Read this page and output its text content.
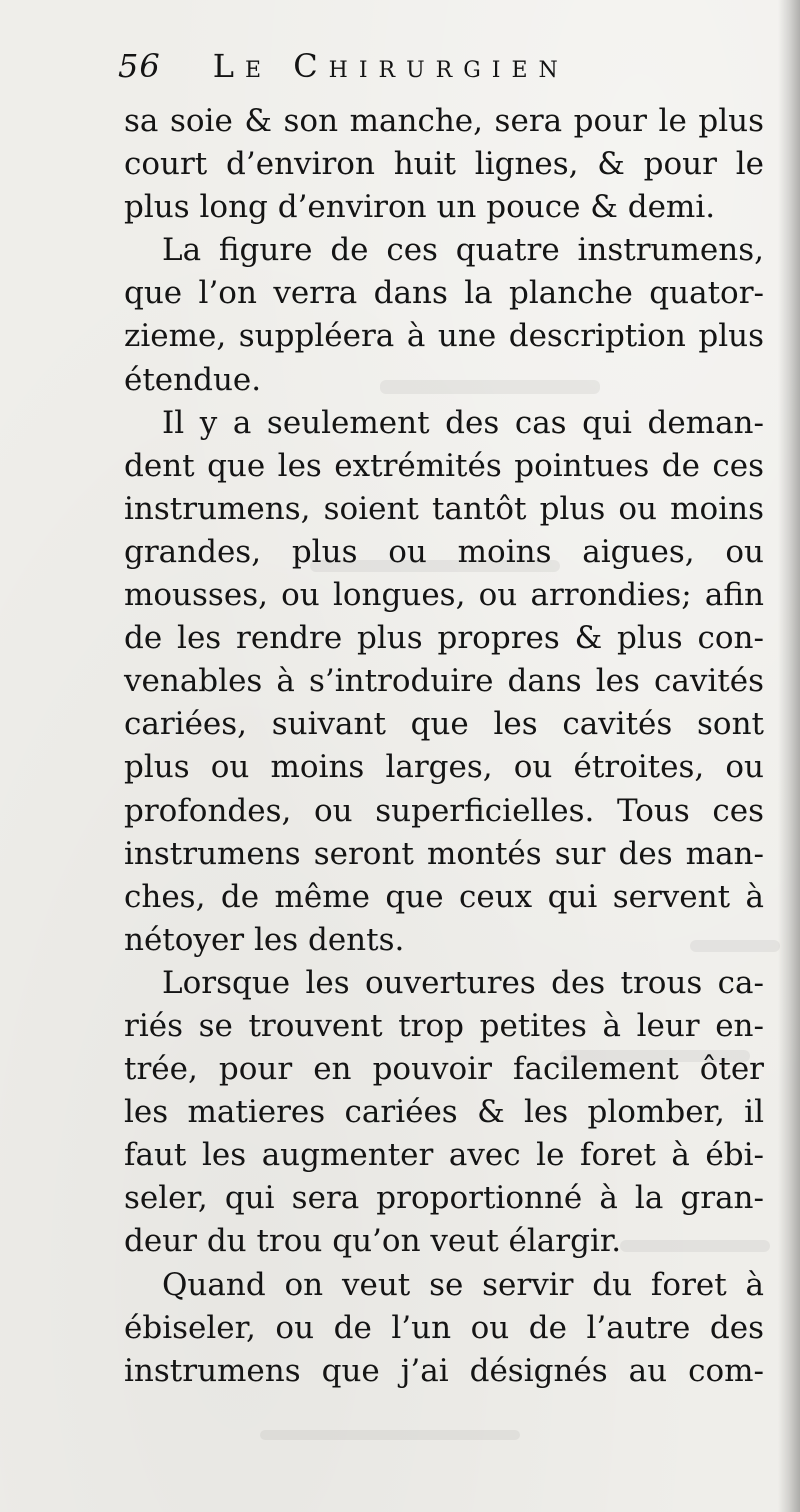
56 Le Chirurgien
sa soie & son manche, sera pour le plus
court d’environ huit lignes, & pour le
plus long d’environ un pouce & demi.
La figure de ces quatre instrumens,
que l’on verra dans la planche quator-
zieme, suppléera à une description plus
étendue.
Il y a seulement des cas qui deman-
dent que les extrémités pointues de ces
instrumens, soient tantôt plus ou moins
grandes, plus ou moins aigues, ou
mousses, ou longues, ou arrondies; afin
de les rendre plus propres & plus con-
venables à s’introduire dans les cavités
cariées, suivant que les cavités sont
plus ou moins larges, ou étroites, ou
profondes, ou superficielles. Tous ces
instrumens seront montés sur des man-
ches, de même que ceux qui servent à
nétoyer les dents.
Lorsque les ouvertures des trous ca-
riés se trouvent trop petites à leur en-
trée, pour en pouvoir facilement ôter
les matieres cariées & les plomber, il
faut les augmenter avec le foret à ébi-
seler, qui sera proportionné à la gran-
deur du trou qu’on veut élargir.
Quand on veut se servir du foret à
ébiseler, ou de l’un ou de l’autre des
instrumens que j’ai désignés au com-
